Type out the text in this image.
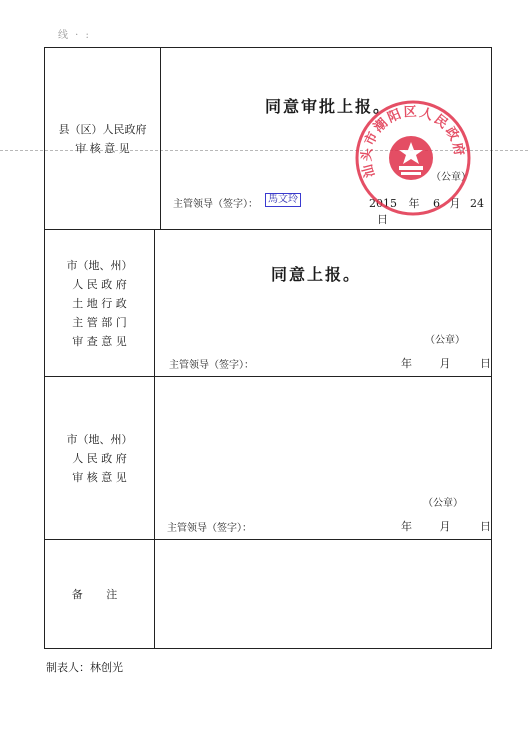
线 · :
县（区）人民政府
审 核 意 见
同意审批上报。
（公章）
主管领导（签字）：	馬文玲	2015 年 6 月 24 日
市（地、州）
人 民 政 府
土 地 行 政
主 管 部 门
审 查 意 见
同意上报。
（公章）
主管领导（签字）：	年	月	日
市（地、州）
人 民 政 府
审 核 意 见
（公章）
主管领导（签字）：	年	月	日
备 注
汕头市潮阳区人民政府
制表人：林创光
